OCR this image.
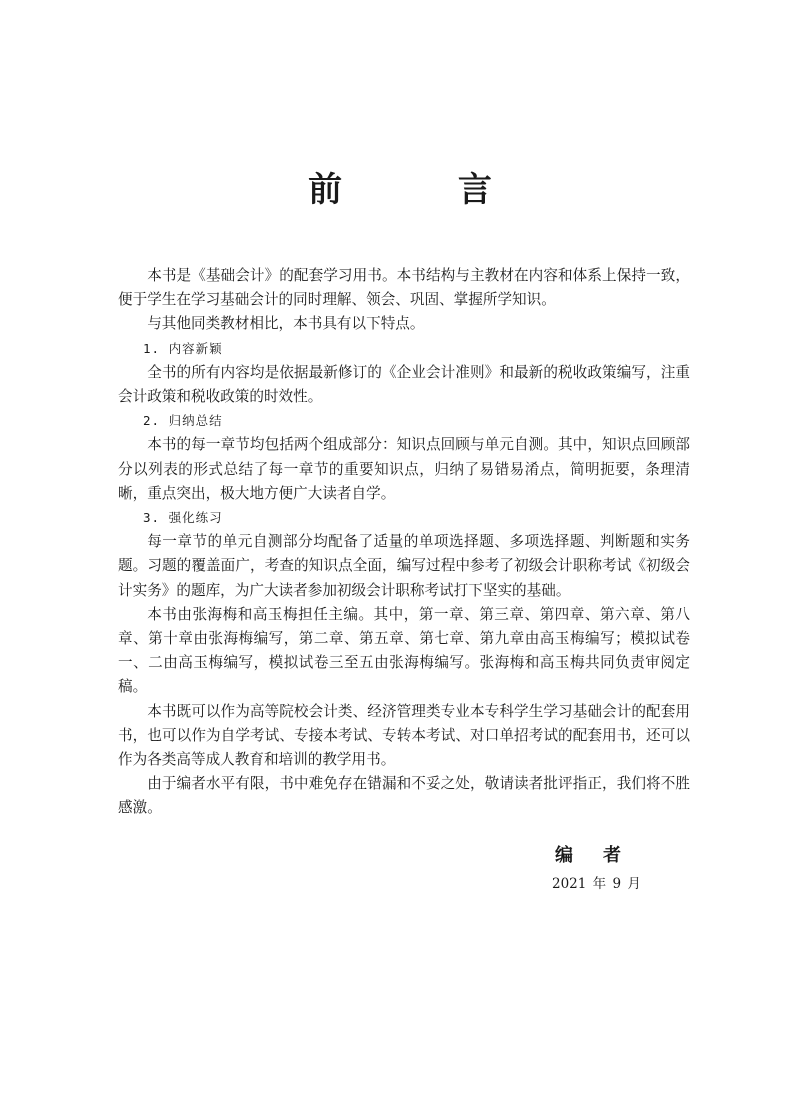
前 言

本书是《基础会计》的配套学习用书。本书结构与主教材在内容和体系上保持一致，便于学生在学习基础会计的同时理解、领会、巩固、掌握所学知识。

与其他同类教材相比，本书具有以下特点。

1. 内容新颖

全书的所有内容均是依据最新修订的《企业会计准则》和最新的税收政策编写，注重会计政策和税收政策的时效性。

2. 归纳总结

本书的每一章节均包括两个组成部分：知识点回顾与单元自测。其中，知识点回顾部分以列表的形式总结了每一章节的重要知识点，归纳了易错易淆点，简明扼要，条理清晰，重点突出，极大地方便广大读者自学。

3. 强化练习

每一章节的单元自测部分均配备了适量的单项选择题、多项选择题、判断题和实务题。习题的覆盖面广，考查的知识点全面，编写过程中参考了初级会计职称考试《初级会计实务》的题库，为广大读者参加初级会计职称考试打下坚实的基础。

本书由张海梅和高玉梅担任主编。其中，第一章、第三章、第四章、第六章、第八章、第十章由张海梅编写，第二章、第五章、第七章、第九章由高玉梅编写；模拟试卷一、二由高玉梅编写，模拟试卷三至五由张海梅编写。张海梅和高玉梅共同负责审阅定稿。

本书既可以作为高等院校会计类、经济管理类专业本专科学生学习基础会计的配套用书，也可以作为自学考试、专接本考试、专转本考试、对口单招考试的配套用书，还可以作为各类高等成人教育和培训的教学用书。

由于编者水平有限，书中难免存在错漏和不妥之处，敬请读者批评指正，我们将不胜感激。

编者
2021 年 9 月
